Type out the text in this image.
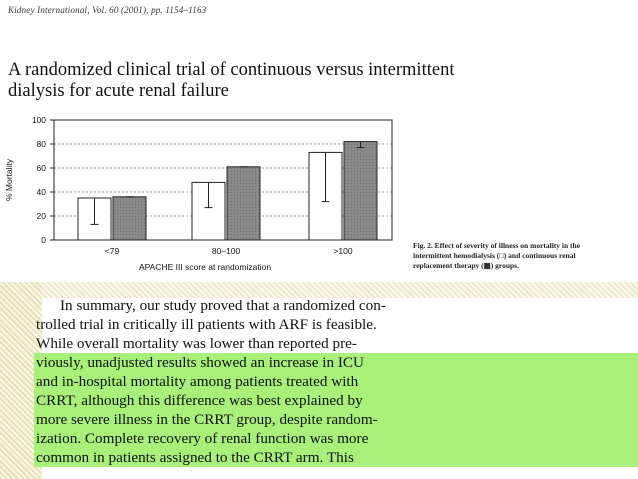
Kidney International, Vol. 60 (2001), pp. 1154–1163
A randomized clinical trial of continuous versus intermittent
dialysis for acute renal failure
0
20
40
60
80
100
% Mortality
<79	80–100	>100
APACHE III score at randomization
Fig. 2. Effect of severity of illness on mortality in the intermittent hemodialysis (□) and continuous renal replacement therapy (▦) groups.
In summary, our study proved that a randomized con-
trolled trial in critically ill patients with ARF is feasible.
While overall mortality was lower than reported pre-
viously, unadjusted results showed an increase in ICU
and in-hospital mortality among patients treated with
CRRT, although this difference was best explained by
more severe illness in the CRRT group, despite random-
ization. Complete recovery of renal function was more
common in patients assigned to the CRRT arm. This
